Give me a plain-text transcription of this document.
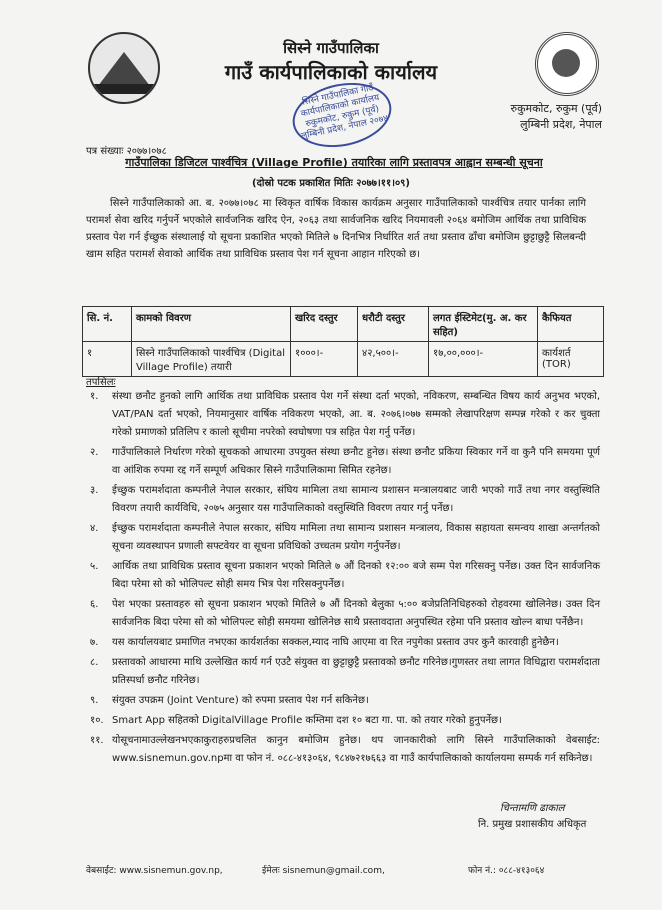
सिस्ने गाउँपालिका
गाउँ कार्यपालिकाको कार्यालय
सिस्ने गाउँपालिका गाउँ कार्यपालिकाको कार्यालय रुकुमकोट, रुकुम (पूर्व) लुम्बिनी प्रदेश, नेपाल २०७४
रुकुमकोट, रुकुम (पूर्व)
लुम्बिनी प्रदेश, नेपाल
पत्र संख्याः २०७७।०७८
गाउँपालिका डिजिटल पार्श्वचित्र (Village Profile) तयारिका लागि प्रस्तावपत्र आह्वान सम्बन्धी सूचना
(दोस्रो पटक प्रकाशित मितिः २०७७।११।०९)
सिस्ने गाउँपालिकाको आ. ब. २०७७।०७८ मा स्विकृत वार्षिक विकास कार्यक्रम अनुसार गाउँपालिकाको पार्श्वचित्र तयार पार्नका लागि परामर्श सेवा खरिद गर्नुपर्ने भएकोले सार्वजनिक खरिद ऐन, २०६३ तथा सार्वजनिक खरिद नियमावली २०६४ बमोजिम आर्थिक तथा प्राविधिक प्रस्ताव पेश गर्न ईच्छुक संस्थालाई यो सूचना प्रकाशित भएको मितिले ७ दिनभित्र निर्धारित शर्त तथा प्रस्ताव ढाँचा बमोजिम छुट्टाछुट्टै सिलबन्दी खाम सहित परामर्श सेवाको आर्थिक तथा प्राविधिक प्रस्ताव पेश गर्न सूचना आहान गरिएको छ।
सि. नं.	कामको विवरण	खरिद दस्तुर	धरौटी दस्तुर	लगत ईस्टिमेट(मु. अ. कर सहित)	कैफियत
१	सिस्ने गाउँपालिकाको पार्श्वचित्र (Digital Village Profile) तयारी	१०००।-	४२,५००।-	१७,००,०००।-	कार्यशर्त (TOR)
तपसिलः
१.	संस्था छनौट हुनको लागि आर्थिक तथा प्राविधिक प्रस्ताव पेश गर्ने संस्था दर्ता भएको, नविकरण, सम्बन्धित विषय कार्य अनुभव भएको, VAT/PAN दर्ता भएको, नियमानुसार वार्षिक नविकरण भएको, आ. ब. २०७६।०७७ सम्मको लेखापरिक्षण सम्पन्न गरेको र कर चुक्ता गरेको प्रमाणको प्रतिलिप र कालो सूचीमा नपरेको स्वघोषणा पत्र सहित पेश गर्नु पर्नेछ।
२.	गाउँपालिकाले निर्धारण गरेको सूचकको आधारमा उपयुक्त संस्था छनौट हुनेछ। संस्था छनौट प्रकिया स्विकार गर्ने वा कुनै पनि समयमा पूर्ण वा आंशिक रुपमा रद्द गर्ने सम्पूर्ण अधिकार सिस्ने गाउँपालिकामा सिमित रहनेछ।
३.	ईच्छुक परामर्शदाता कम्पनीले नेपाल सरकार, संघिय मामिला तथा सामान्य प्रशासन मन्त्रालयबाट जारी भएको गाउँ तथा नगर वस्तुस्थिति विवरण तयारी कार्यविधि, २०७५ अनुसार यस गाउँपालिकाको वस्तुस्थिति विवरण तयार गर्नु पर्नेछ।
४.	ईच्छुक परामर्शदाता कम्पनीले नेपाल सरकार, संघिय मामिला तथा सामान्य प्रशासन मन्त्रालय, विकास सहायता समन्वय शाखा अन्तर्गतको सूचना व्यवस्थापन प्रणाली सफ्टवेयर वा सूचना प्रविधिको उच्चतम प्रयोग गर्नुपर्नेछ।
५.	आर्थिक तथा प्राविधिक प्रस्ताव सूचना प्रकाशन भएको मितिले ७ औं दिनको १२:०० बजे सम्म पेश गरिसक्नु पर्नेछ। उक्त दिन सार्वजनिक बिदा परेमा सो को भोलिपल्ट सोही समय भित्र पेश गरिसक्नुपर्नेछ।
६.	पेश भएका प्रस्तावहरु सो सूचना प्रकाशन भएको मितिले ७ औं दिनको बेलुका ५:०० बजेप्रतिनिधिहरुको रोहवरमा खोलिनेछ। उक्त दिन सार्वजनिक बिदा परेमा सो को भोलिपल्ट सोही समयमा खोलिनेछ साथै प्रस्तावदाता अनुपस्थित रहेमा पनि प्रस्ताव खोल्न बाधा पर्नेछैन।
७.	यस कार्यालयबाट प्रमाणित नभएका कार्यशर्तका सक्कल,म्याद नाघि आएमा वा रित नपुगेका प्रस्ताव उपर कुनै कारवाही हुनेछैन।
८.	प्रस्तावको आधारमा माथि उल्लेखित कार्य गर्न एउटै संयुक्त वा छुट्टाछुट्टै प्रस्तावको छनौट गरिनेछ।गुणस्तर तथा लागत विधिद्वारा परामर्शदाता प्रतिस्पर्धा छनौट गरिनेछ।
९.	संयुक्त उपक्रम (Joint Venture) को रुपमा प्रस्ताव पेश गर्न सकिनेछ।
१०. Smart App सहितको DigitalVillage Profile कम्तिमा दश १० बटा गा. पा. को तयार गरेको हुनुपर्नेछ।
११. योसूचनामाउल्लेखनभएकाकुराहरुप्रचलित कानुन बमोजिम हुनेछ। थप जानकारीको लागि सिस्ने गाउँपालिकाको वेबसाईट: www.sisnemun.gov.npमा वा फोन नं. ०८८-४१३०६४, ९८४७२१७६६३ वा गाउँ कार्यपालिकाको कार्यालयमा सम्पर्क गर्न सकिनेछ।
चिन्तामणि ढाकाल
नि. प्रमुख प्रशासकीय अधिकृत
वेबसाईट: www.sisnemun.gov.np,	ईमेलः sisnemun@gmail.com,	फोन नं.: ०८८-४१३०६४
